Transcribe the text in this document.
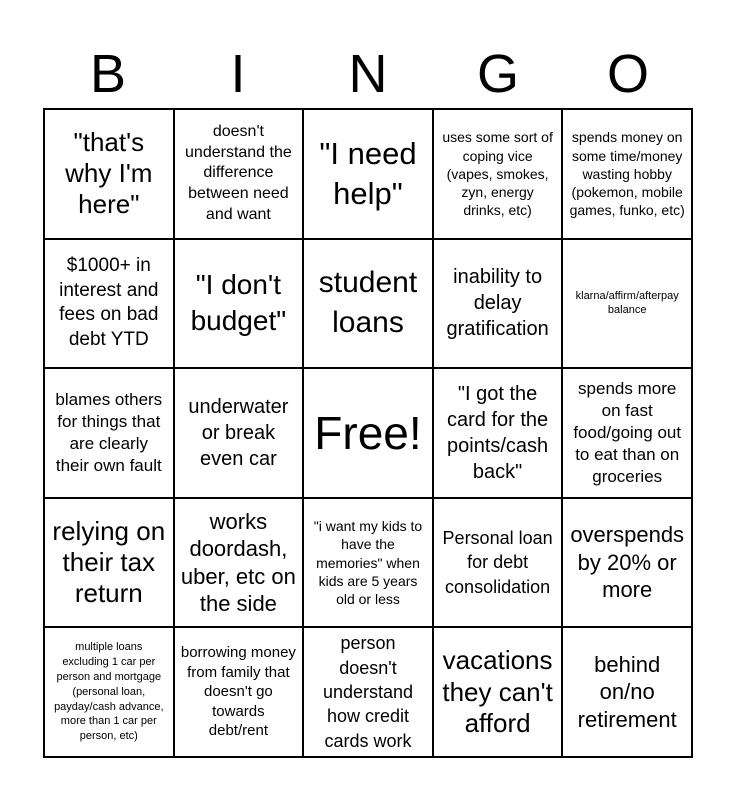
B	I	N	G	O
"that's why I'm here"
doesn't understand the difference between need and want
"I need help"
uses some sort of coping vice (vapes, smokes, zyn, energy drinks, etc)
spends money on some time/money wasting hobby (pokemon, mobile games, funko, etc)
$1000+ in interest and fees on bad debt YTD
"I don't budget"
student loans
inability to delay gratification
klarna/affirm/afterpay balance
blames others for things that are clearly their own fault
underwater or break even car Free!
"I got the card for the points/cash back"
spends more on fast food/going out to eat than on groceries
relying on their tax return
works doordash, uber, etc on the side
"i want my kids to have the memories" when kids are 5 years old or less
Personal loan for debt consolidation
overspends by 20% or more
multiple loans excluding 1 car per person and mortgage (personal loan, payday/cash advance, more than 1 car per person, etc)
borrowing money from family that doesn't go towards debt/rent
person doesn't understand how credit cards work
vacations they can't afford
behind on/no retirement
